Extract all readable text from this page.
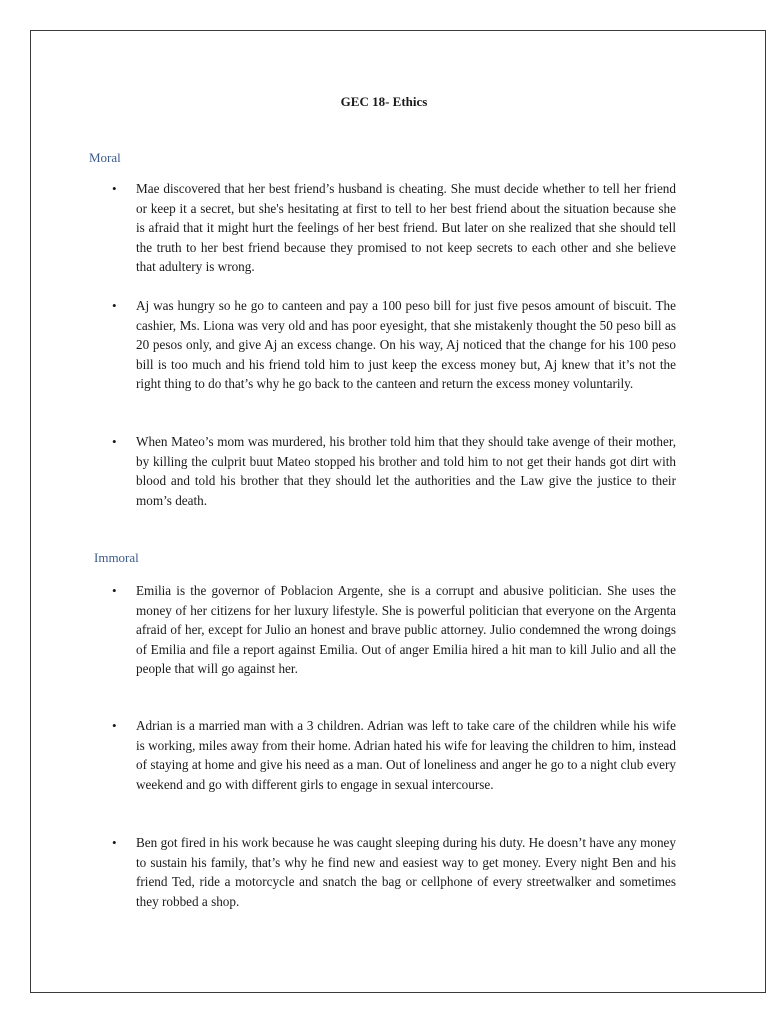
GEC 18- Ethics
Moral
• Mae discovered that her best friend’s husband is cheating. She must decide whether to tell her friend or keep it a secret, but she's hesitating at first to tell to her best friend about the situation because she is afraid that it might hurt the feelings of her best friend. But later on she realized that she should tell the truth to her best friend because they promised to not keep secrets to each other and she believe that adultery is wrong.
• Aj was hungry so he go to canteen and pay a 100 peso bill for just five pesos amount of biscuit. The cashier, Ms. Liona was very old and has poor eyesight, that she mistakenly thought the 50 peso bill as 20 pesos only, and give Aj an excess change. On his way, Aj noticed that the change for his 100 peso bill is too much and his friend told him to just keep the excess money but, Aj knew that it’s not the right thing to do that’s why he go back to the canteen and return the excess money voluntarily.
• When Mateo’s mom was murdered, his brother told him that they should take avenge of their mother, by killing the culprit buut Mateo stopped his brother and told him to not get their hands got dirt with blood and told his brother that they should let the authorities and the Law give the justice to their mom’s death.
Immoral
• Emilia is the governor of Poblacion Argente, she is a corrupt and abusive politician. She uses the money of her citizens for her luxury lifestyle. She is powerful politician that everyone on the Argenta afraid of her, except for Julio an honest and brave public attorney. Julio condemned the wrong doings of Emilia and file a report against Emilia. Out of anger Emilia hired a hit man to kill Julio and all the people that will go against her.
• Adrian is a married man with a 3 children. Adrian was left to take care of the children while his wife is working, miles away from their home. Adrian hated his wife for leaving the children to him, instead of staying at home and give his need as a man. Out of loneliness and anger he go to a night club every weekend and go with different girls to engage in sexual intercourse.
• Ben got fired in his work because he was caught sleeping during his duty. He doesn’t have any money to sustain his family, that’s why he find new and easiest way to get money. Every night Ben and his friend Ted, ride a motorcycle and snatch the bag or cellphone of every streetwalker and sometimes they robbed a shop.
